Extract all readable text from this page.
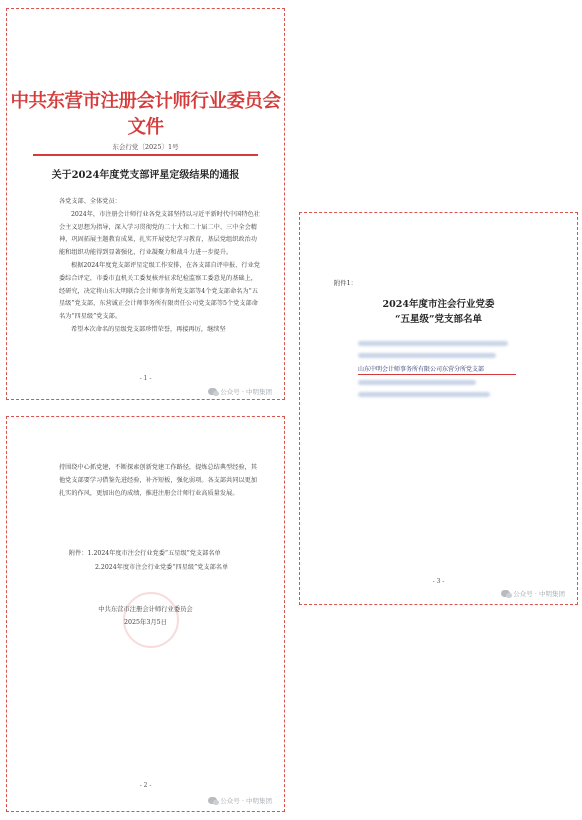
中共东营市注册会计师行业委员会文件
东会行党〔2025〕1号
关于2024年度党支部评星定级结果的通报

各党支部、全体党员：

2024年，市注册会计师行业各党支部坚持以习近平新时代中国特色社会主义思想为指导，深入学习贯彻党的二十大和二十届二中、三中全会精神，巩固拓展主题教育成果，扎实开展党纪学习教育，基层党组织政治功能和组织功能得到显著强化，行业凝聚力和战斗力进一步提升。

根据2024年度党支部评星定级工作安排，在各支部自评申报、行业党委综合评定，市委市直机关工委复核并征求纪检监察工委意见的基础上，经研究，决定将山东大明联合会计师事务所党支部等4个党支部命名为“五星级”党支部，东营诚正会计师事务所有限责任公司党支部等5个党支部命名为“四星级”党支部。

希望本次命名的星级党支部珍惜荣誉，再接再厉，继续坚

- 1 -
公众号 · 中明集团

持围绕中心抓党建，不断探索创新党建工作路径，提炼总结典型经验，其他党支部要学习借鉴先进经验，补齐短板，强化弱项。各支部共同以更加扎实的作风，更加出色的成绩，推进注册会计师行业高质量发展。

附件：1.2024年度市注会行业党委“五星级”党支部名单
2.2024年度市注会行业党委“四星级”党支部名单
中共东营市注册会计师行业委员会
2025年3月5日
- 2 -
公众号 · 中明集团
附件1：
2024年度市注会行业党委
“五星级”党支部名单
山东中明会计师事务所有限公司东营分所党支部
- 3 -
公众号 · 中明集团
